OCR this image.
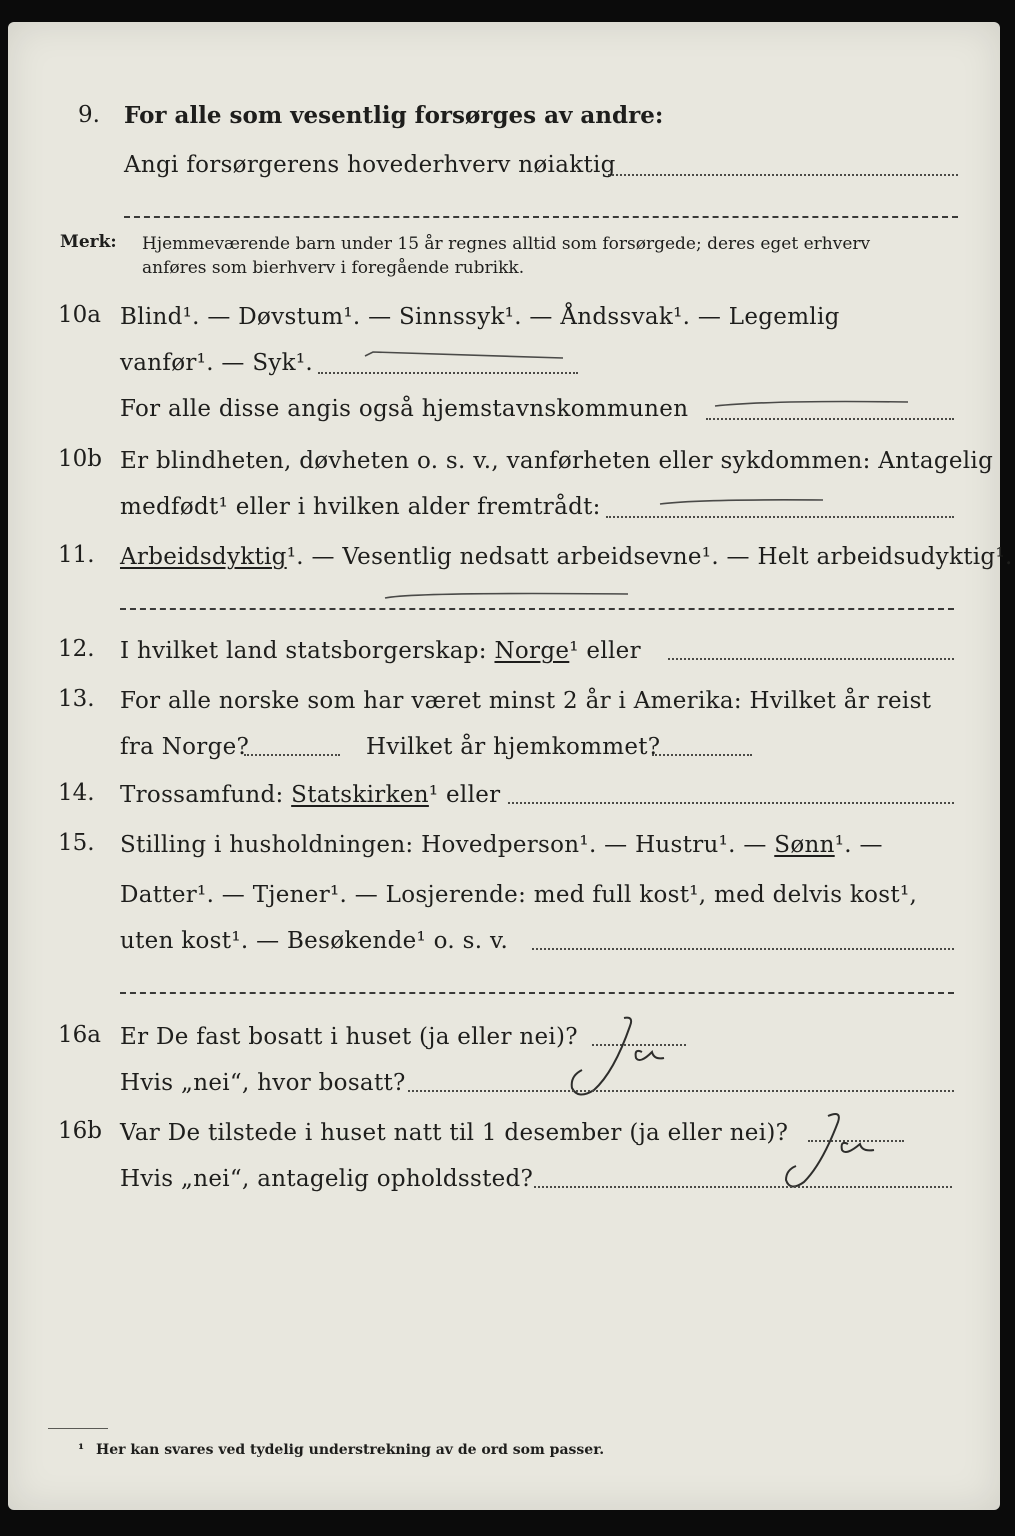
9. For alle som vesentlig forsørges av andre:
Angi forsørgerens hovederhverv nøiaktig
Merk: Hjemmeværende barn under 15 år regnes alltid som forsørgede; deres eget erhverv
anføres som bierhverv i foregående rubrikk.
10a Blind¹. — Døvstum¹. — Sinnssyk¹. — Åndssvak¹. — Legemlig
vanfør¹. — Syk¹.
For alle disse angis også hjemstavnskommunen
10b Er blindheten, døvheten o. s. v., vanførheten eller sykdommen: Antagelig
medfødt¹ eller i hvilken alder fremtrådt:
11. Arbeidsdyktig¹. — Vesentlig nedsatt arbeidsevne¹. — Helt arbeidsudyktig¹.
12. I hvilket land statsborgerskap: Norge¹ eller
13. For alle norske som har været minst 2 år i Amerika: Hvilket år reist
fra Norge?	Hvilket år hjemkommet?
14. Trossamfund: Statskirken¹ eller
15. Stilling i husholdningen: Hovedperson¹. — Hustru¹. — Sønn¹. —
Datter¹. — Tjener¹. — Losjerende: med full kost¹, med delvis kost¹,
uten kost¹. — Besøkende¹ o. s. v.
16a Er De fast bosatt i huset (ja eller nei)?	Ja
Hvis „nei“, hvor bosatt?
16b Var De tilstede i huset natt til 1 desember (ja eller nei)?	Ja
Hvis „nei“, antagelig opholdssted?
¹ Her kan svares ved tydelig understrekning av de ord som passer.
